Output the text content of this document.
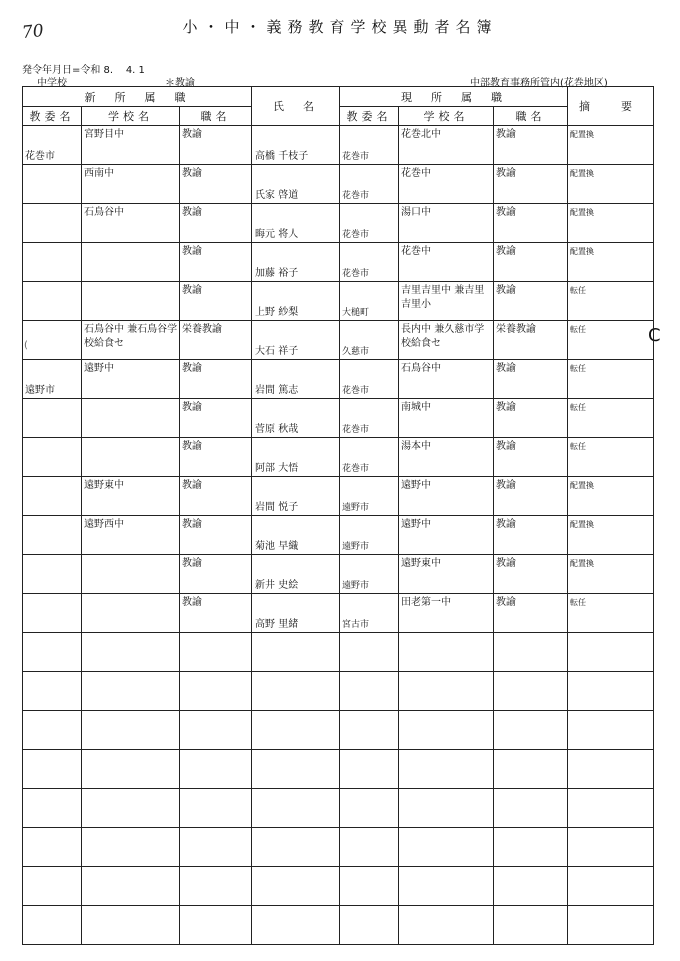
70	小・中・義務教育学校異動者名簿
発令年月日=令和 8.    4. 1
中学校	＊教諭	中部教育事務所管内(花巻地区)
C
(
新　所　属　職			氏　名	現　所　属　職			摘　要
教委名	学校名	職名		教委名	学校名	職名	

花巻市	宮野目中	教諭	高橋 千枝子	花巻市	花巻北中	教諭	配置換

	西南中	教諭	氏家 啓道	花巻市	花巻中	教諭	配置換

	石鳥谷中	教諭	晦元 将人	花巻市	湯口中	教諭	配置換

		教諭	加藤 裕子	花巻市	花巻中	教諭	配置換

		教諭	上野 紗梨	大槌町	吉里吉里中 兼吉里吉里小	教諭	転任

	石鳥谷中 兼石鳥谷学校給食セ	栄養教諭	大石 祥子	久慈市	長内中 兼久慈市学校給食セ	栄養教諭	転任

遠野市	遠野中	教諭	岩間 篤志	花巻市	石鳥谷中	教諭	転任

		教諭	菅原 秋哉	花巻市	南城中	教諭	転任

		教諭	阿部 大悟	花巻市	湯本中	教諭	転任

	遠野東中	教諭	岩間 悦子	遠野市	遠野中	教諭	配置換

	遠野西中	教諭	菊池 早織	遠野市	遠野中	教諭	配置換

		教諭	新井 史絵	遠野市	遠野東中	教諭	配置換

		教諭	高野 里緒	宮古市	田老第一中	教諭	転任
